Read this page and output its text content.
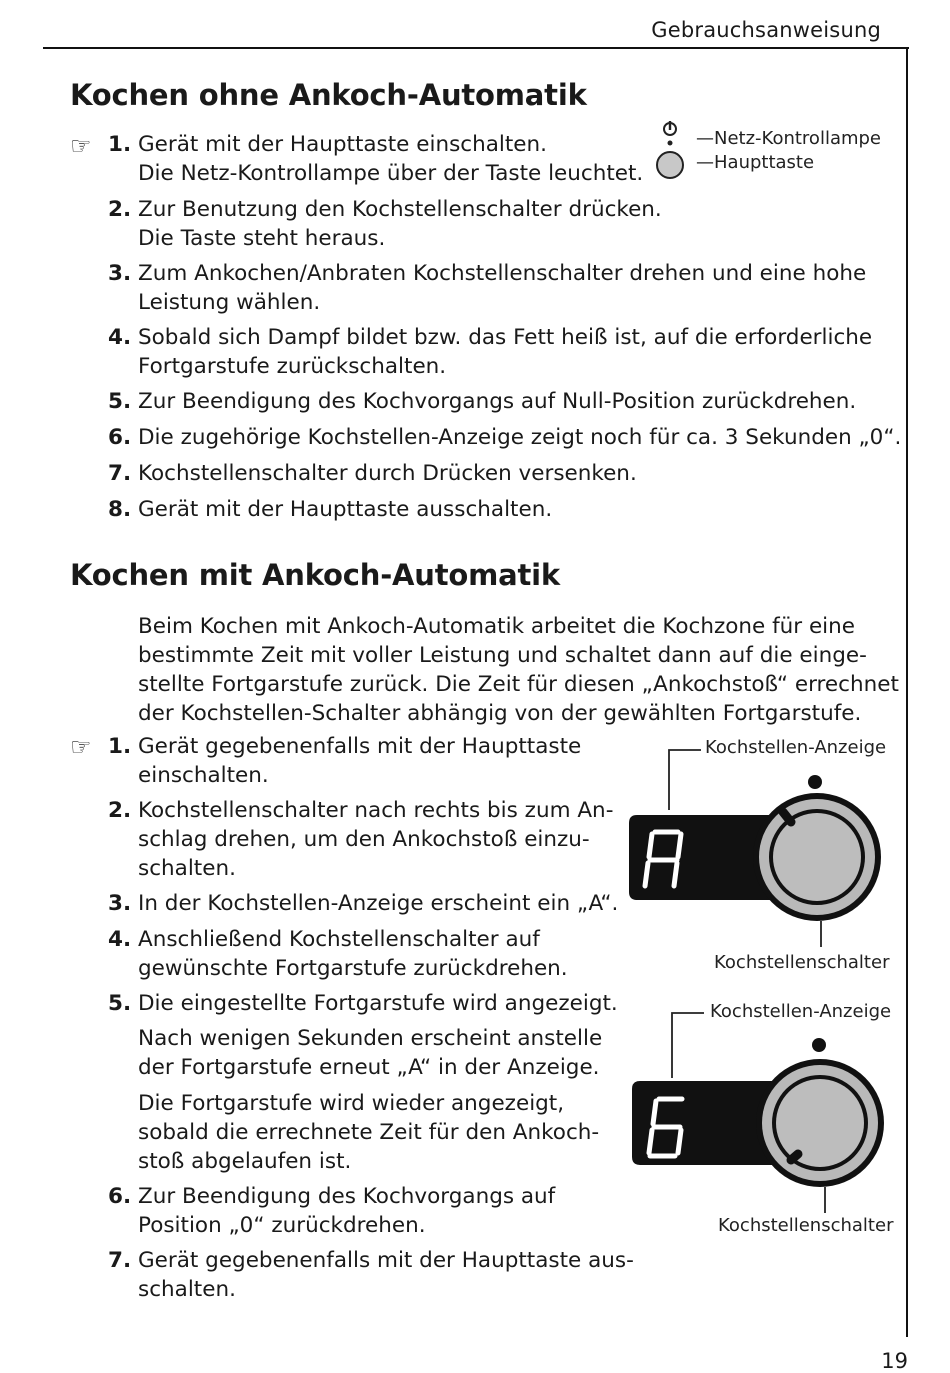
Gebrauchsanweisung
Kochen ohne Ankoch-Automatik
☞ 1. Gerät mit der Haupttaste einschalten.
Die Netz-Kontrollampe über der Taste leuchtet.
2. Zur Benutzung den Kochstellenschalter drücken.
Die Taste steht heraus.
3. Zum Ankochen/Anbraten Kochstellenschalter drehen und eine hohe
Leistung wählen.
4. Sobald sich Dampf bildet bzw. das Fett heiß ist, auf die erforderliche
Fortgarstufe zurückschalten.
5. Zur Beendigung des Kochvorgangs auf Null-Position zurückdrehen.
6. Die zugehörige Kochstellen-Anzeige zeigt noch für ca. 3 Sekunden „0“.
7. Kochstellenschalter durch Drücken versenken.
8. Gerät mit der Haupttaste ausschalten.
—Netz-Kontrollampe
—Haupttaste
Kochen mit Ankoch-Automatik
Beim Kochen mit Ankoch-Automatik arbeitet die Kochzone für eine
bestimmte Zeit mit voller Leistung und schaltet dann auf die einge-
stellte Fortgarstufe zurück. Die Zeit für diesen „Ankochstoß“ errechnet
der Kochstellen-Schalter abhängig von der gewählten Fortgarstufe.
☞ 1. Gerät gegebenenfalls mit der Haupttaste
einschalten.
2. Kochstellenschalter nach rechts bis zum An-
schlag drehen, um den Ankochstoß einzu-
schalten.
3. In der Kochstellen-Anzeige erscheint ein „A“.
4. Anschließend Kochstellenschalter auf
gewünschte Fortgarstufe zurückdrehen.
5. Die eingestellte Fortgarstufe wird angezeigt.
Nach wenigen Sekunden erscheint anstelle
der Fortgarstufe erneut „A“ in der Anzeige.
Die Fortgarstufe wird wieder angezeigt,
sobald die errechnete Zeit für den Ankoch-
stoß abgelaufen ist.
6. Zur Beendigung des Kochvorgangs auf
Position „0“ zurückdrehen.
7. Gerät gegebenenfalls mit der Haupttaste aus-
schalten.
Kochstellen-Anzeige
Kochstellenschalter
Kochstellen-Anzeige
Kochstellenschalter
19
